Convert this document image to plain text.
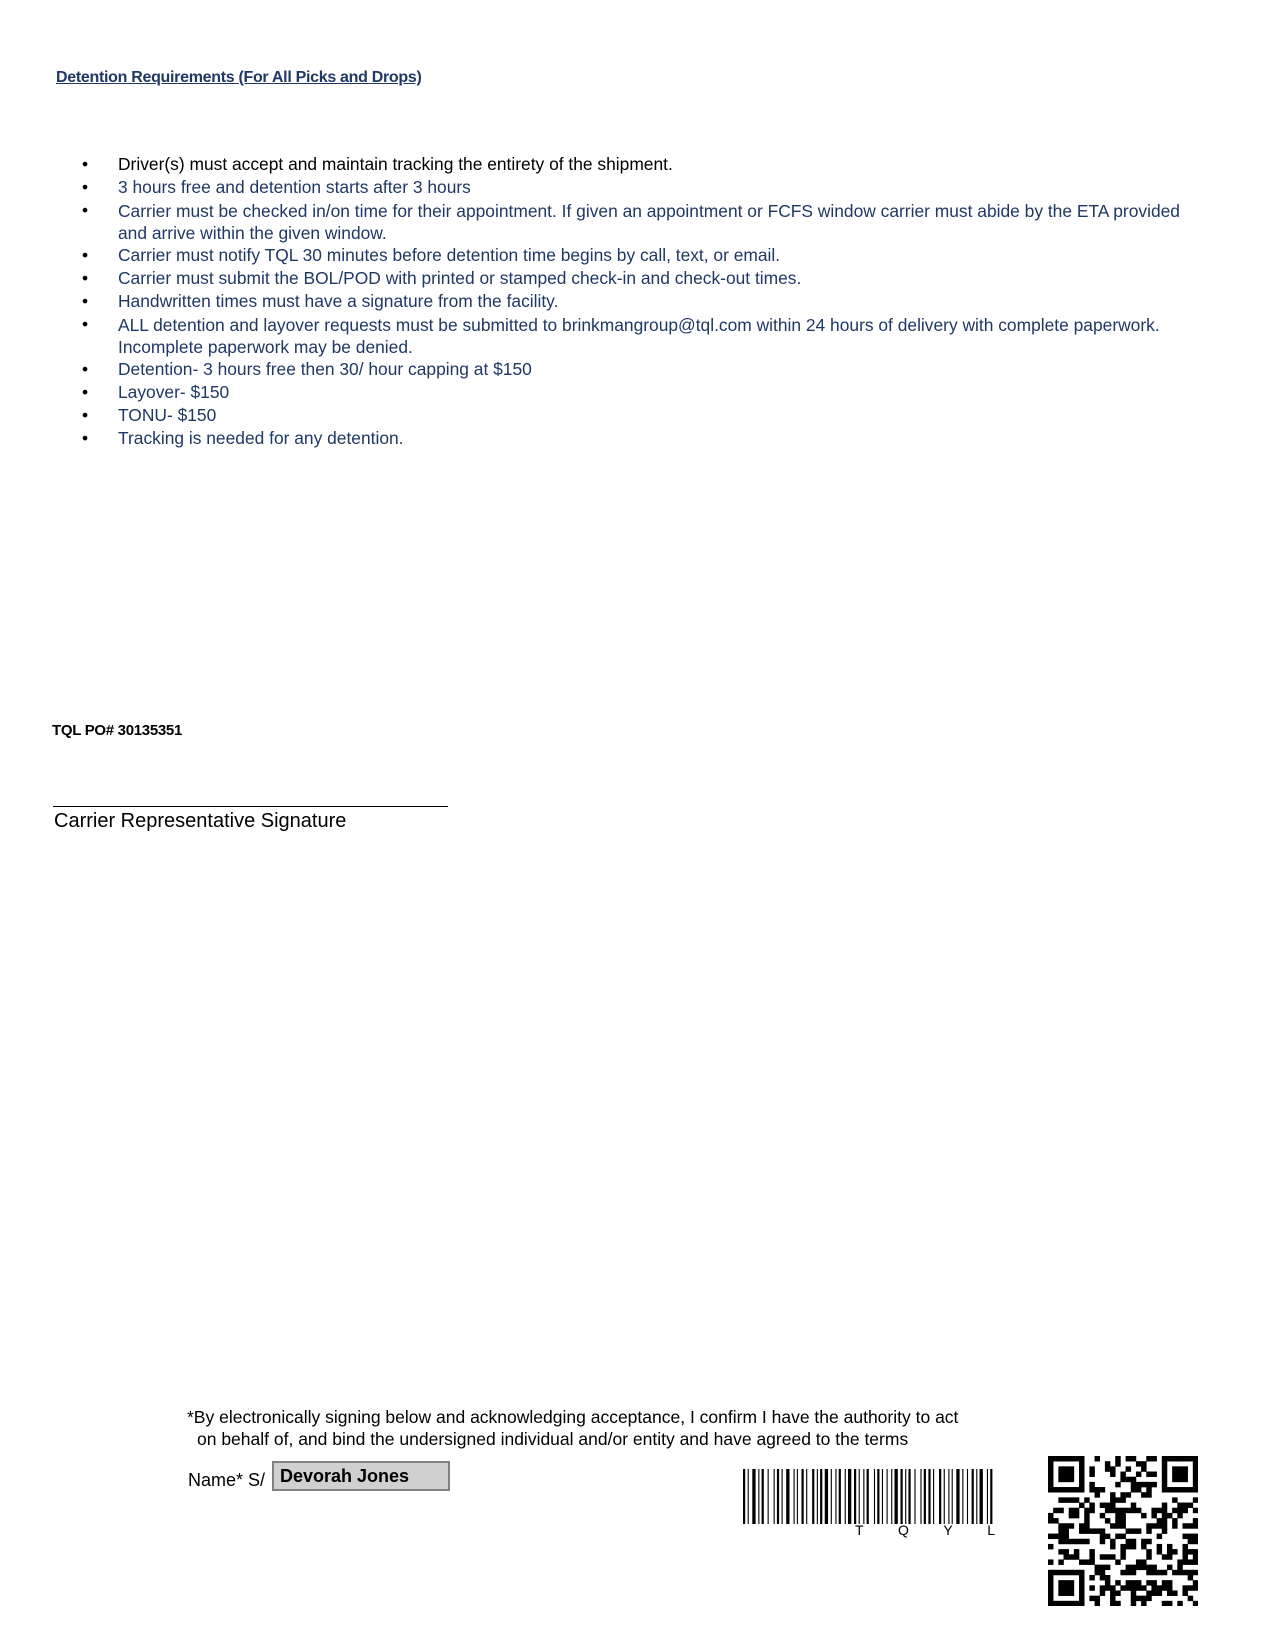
Detention Requirements (For All Picks and Drops)

• Driver(s) must accept and maintain tracking the entirety of the shipment.
• 3 hours free and detention starts after 3 hours
• Carrier must be checked in/on time for their appointment. If given an appointment or FCFS window carrier must abide by the ETA provided and arrive within the given window.
• Carrier must notify TQL 30 minutes before detention time begins by call, text, or email.
• Carrier must submit the BOL/POD with printed or stamped check-in and check-out times.
• Handwritten times must have a signature from the facility.
• ALL detention and layover requests must be submitted to brinkmangroup@tql.com within 24 hours of delivery with complete paperwork. Incomplete paperwork may be denied.
• Detention- 3 hours free then 30/ hour capping at $150
• Layover- $150
• TONU- $150
• Tracking is needed for any detention.

TQL PO# 30135351

Carrier Representative Signature

*By electronically signing below and acknowledging acceptance, I confirm I have the authority to act
on behalf of, and bind the undersigned individual and/or entity and have agreed to the terms

Name* S/ Devorah Jones
T Q Y L
